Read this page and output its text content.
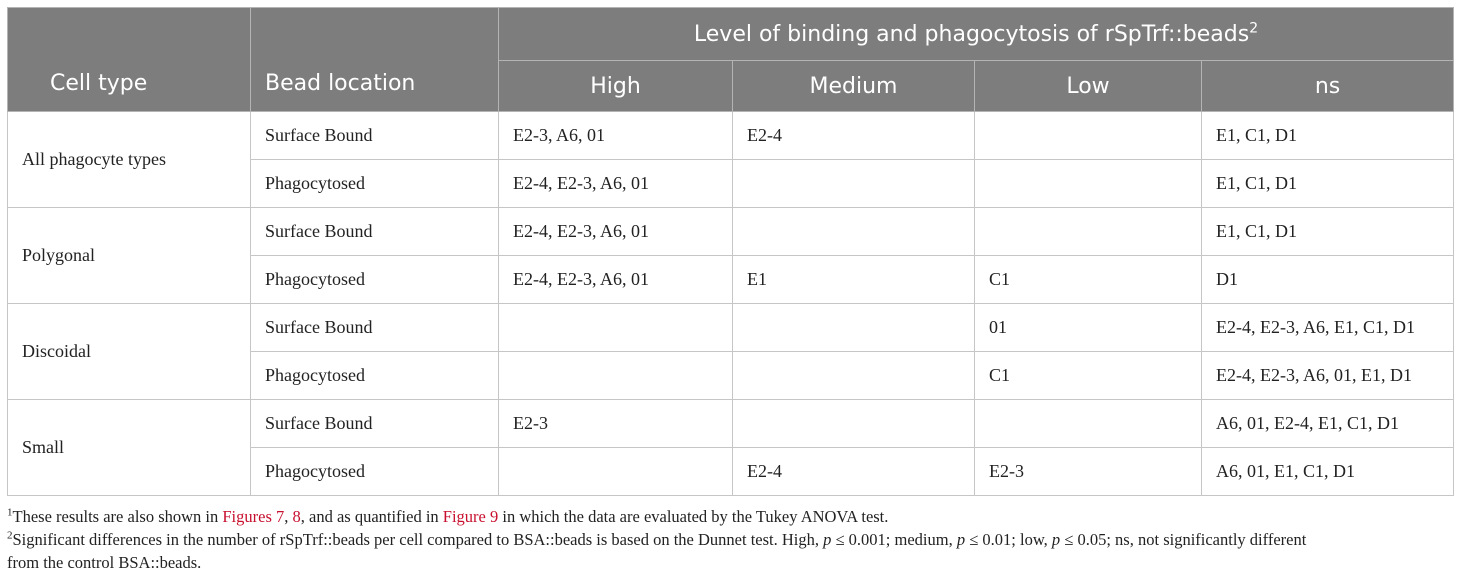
Cell type	Bead location	Level of binding and phagocytosis of rSpTrf::beads$^2$
		High	Medium	Low	ns
All phagocyte types	Surface Bound	E2-3, A6, 01	E2-4		E1, C1, D1
	Phagocytosed	E2-4, E2-3, A6, 01			E1, C1, D1
Polygonal	Surface Bound	E2-4, E2-3, A6, 01			E1, C1, D1
	Phagocytosed	E2-4, E2-3, A6, 01	E1	C1	D1
Discoidal	Surface Bound			01	E2-4, E2-3, A6, E1, C1, D1
	Phagocytosed			C1	E2-4, E2-3, A6, 01, E1, D1
Small	Surface Bound	E2-3			A6, 01, E2-4, E1, C1, D1
	Phagocytosed		E2-4	E2-3	A6, 01, E1, C1, D1
$^1$These results are also shown in Figures 7, 8, and as quantified in Figure 9 in which the data are evaluated by the Tukey ANOVA test.
$^2$Significant differences in the number of rSpTrf::beads per cell compared to BSA::beads is based on the Dunnet test. High, p ≤ 0.001; medium, p ≤ 0.01; low, p ≤ 0.05; ns, not significantly different
from the control BSA::beads.
